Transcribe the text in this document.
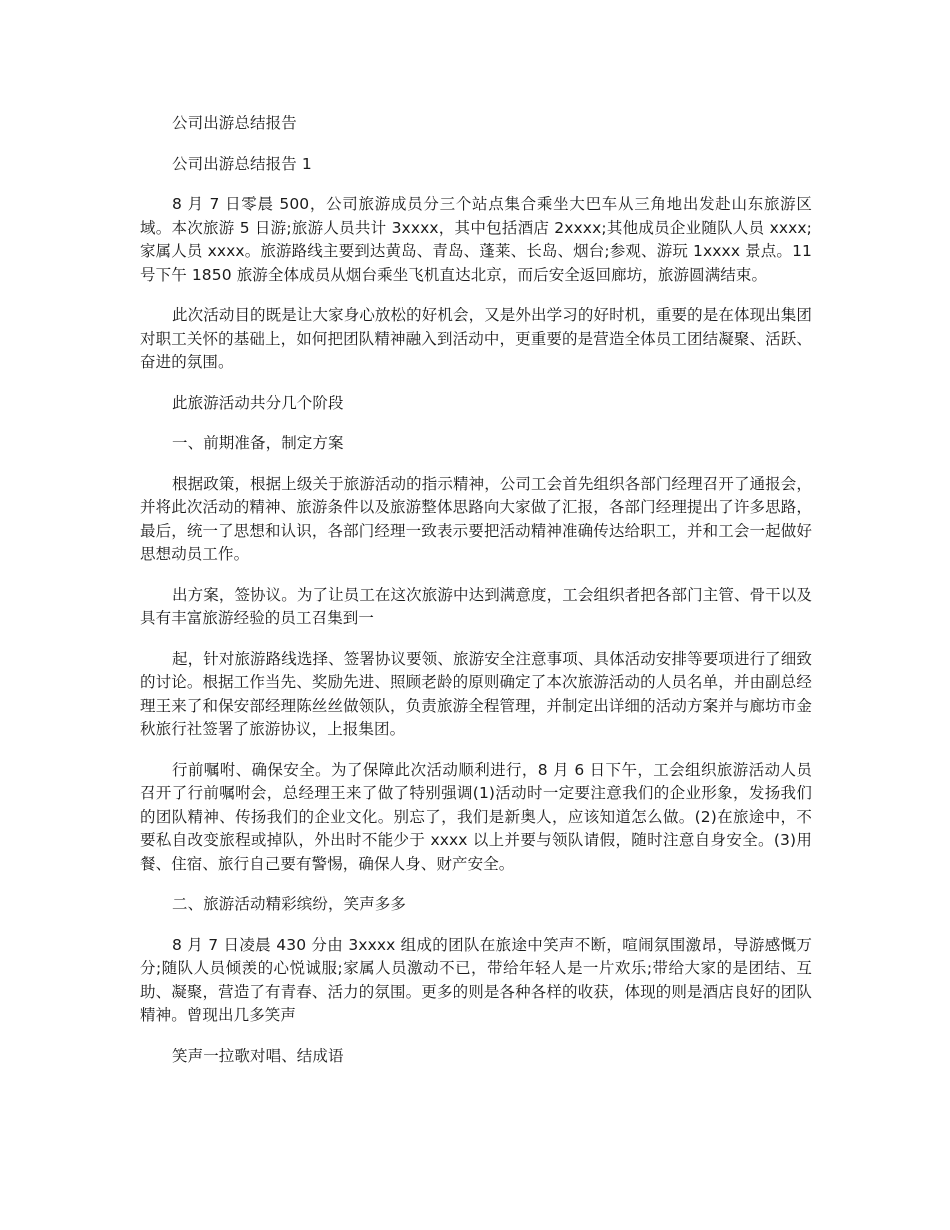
公司出游总结报告

公司出游总结报告 1

8 月 7 日零晨 500，公司旅游成员分三个站点集合乘坐大巴车从三角地出发赴山东旅游区域。本次旅游 5 日游;旅游人员共计 3xxxx，其中包括酒店 2xxxx;其他成员企业随队人员 xxxx;家属人员 xxxx。旅游路线主要到达黄岛、青岛、蓬莱、长岛、烟台;参观、游玩 1xxxx 景点。11 号下午 1850 旅游全体成员从烟台乘坐飞机直达北京，而后安全返回廊坊，旅游圆满结束。

此次活动目的既是让大家身心放松的好机会，又是外出学习的好时机，重要的是在体现出集团对职工关怀的基础上，如何把团队精神融入到活动中，更重要的是营造全体员工团结凝聚、活跃、奋进的氛围。

此旅游活动共分几个阶段

一、前期准备，制定方案

根据政策，根据上级关于旅游活动的指示精神，公司工会首先组织各部门经理召开了通报会，并将此次活动的精神、旅游条件以及旅游整体思路向大家做了汇报，各部门经理提出了许多思路，最后，统一了思想和认识，各部门经理一致表示要把活动精神准确传达给职工，并和工会一起做好思想动员工作。

出方案，签协议。为了让员工在这次旅游中达到满意度，工会组织者把各部门主管、骨干以及具有丰富旅游经验的员工召集到一

起，针对旅游路线选择、签署协议要领、旅游安全注意事项、具体活动安排等要项进行了细致的讨论。根据工作当先、奖励先进、照顾老龄的原则确定了本次旅游活动的人员名单，并由副总经理王来了和保安部经理陈丝丝做领队，负责旅游全程管理，并制定出详细的活动方案并与廊坊市金秋旅行社签署了旅游协议，上报集团。

行前嘱咐、确保安全。为了保障此次活动顺利进行，8 月 6 日下午，工会组织旅游活动人员召开了行前嘱咐会，总经理王来了做了特别强调(1)活动时一定要注意我们的企业形象，发扬我们的团队精神、传扬我们的企业文化。别忘了，我们是新奥人，应该知道怎么做。(2)在旅途中，不要私自改变旅程或掉队，外出时不能少于 xxxx 以上并要与领队请假，随时注意自身安全。(3)用餐、住宿、旅行自己要有警惕，确保人身、财产安全。

二、旅游活动精彩缤纷，笑声多多

8 月 7 日凌晨 430 分由 3xxxx 组成的团队在旅途中笑声不断，喧闹氛围激昂，导游感慨万分;随队人员倾羡的心悦诚服;家属人员激动不已，带给年轻人是一片欢乐;带给大家的是团结、互助、凝聚，营造了有青春、活力的氛围。更多的则是各种各样的收获，体现的则是酒店良好的团队精神。曾现出几多笑声

笑声一拉歌对唱、结成语
